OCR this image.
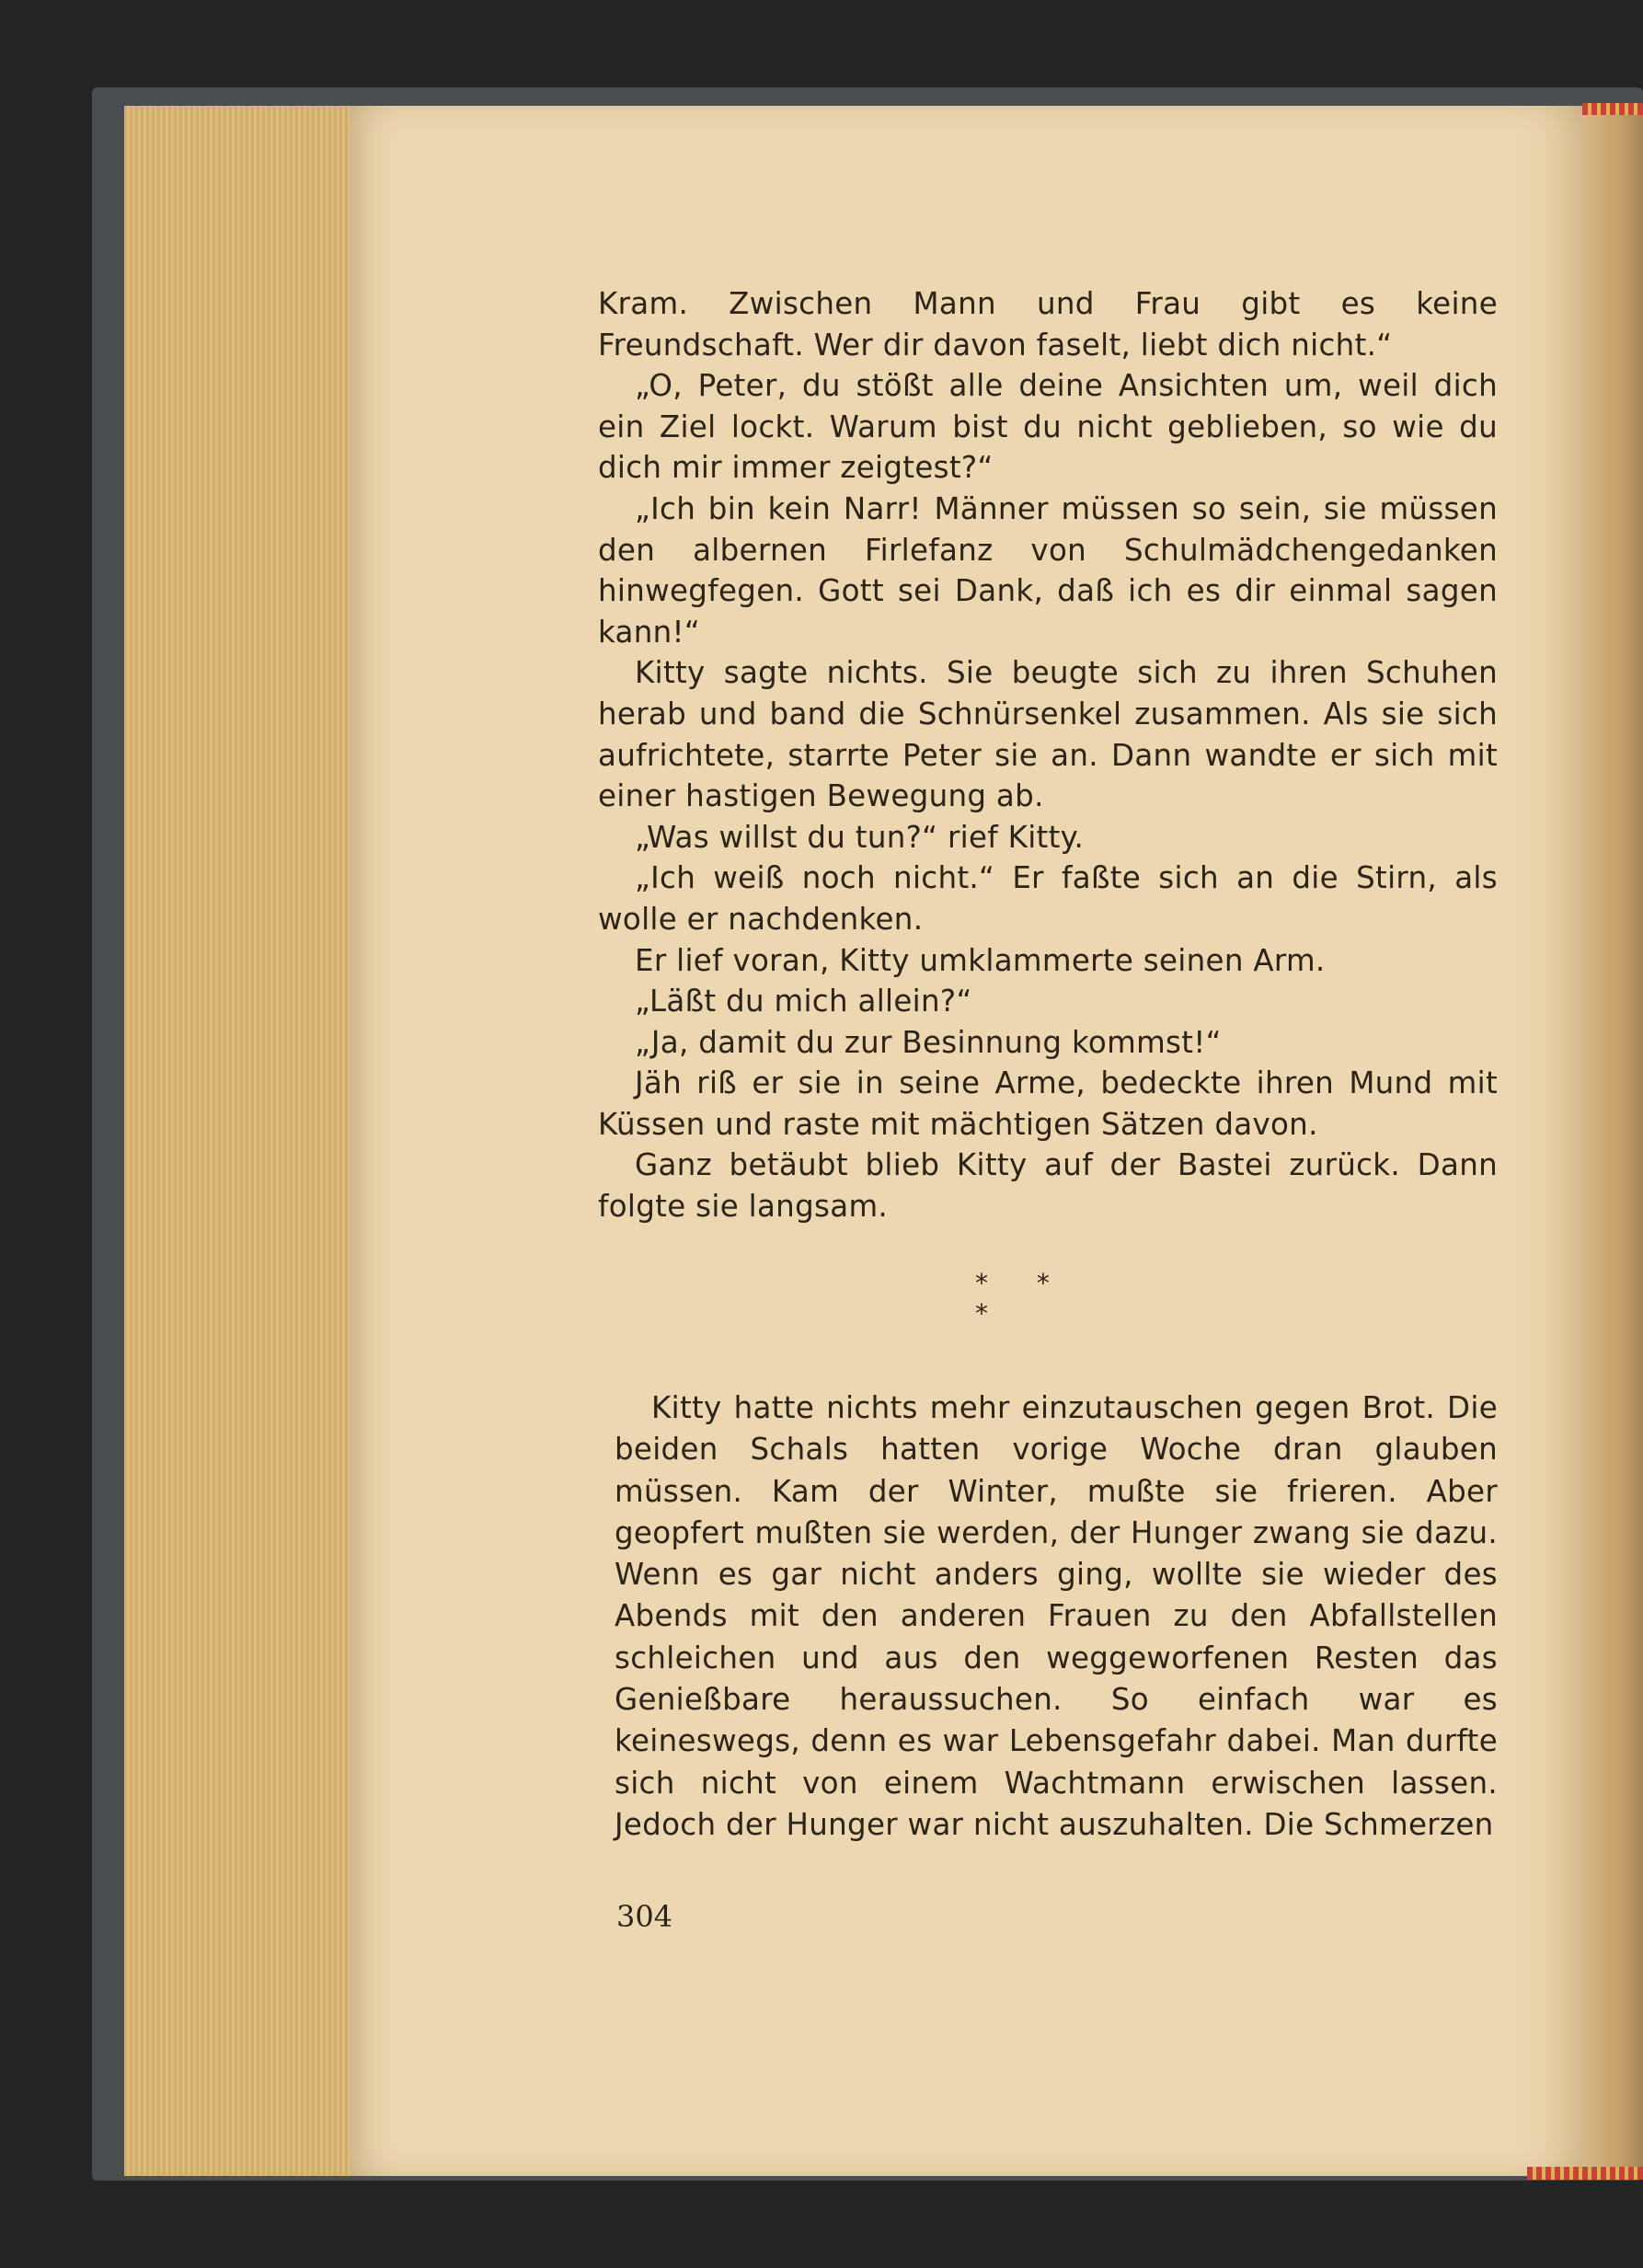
Kram. Zwischen Mann und Frau gibt es keine Freundschaft. Wer dir davon faselt, liebt dich nicht.“

„O, Peter, du stößt alle deine Ansichten um, weil dich ein Ziel lockt. Warum bist du nicht geblieben, so wie du dich mir immer zeigtest?“

„Ich bin kein Narr! Männer müssen so sein, sie müssen den albernen Firlefanz von Schulmädchengedanken hinwegfegen. Gott sei Dank, daß ich es dir einmal sagen kann!“

Kitty sagte nichts. Sie beugte sich zu ihren Schuhen herab und band die Schnürsenkel zusammen. Als sie sich aufrichtete, starrte Peter sie an. Dann wandte er sich mit einer hastigen Bewegung ab.

„Was willst du tun?“ rief Kitty.

„Ich weiß noch nicht.“ Er faßte sich an die Stirn, als wolle er nachdenken.

Er lief voran, Kitty umklammerte seinen Arm.

„Läßt du mich allein?“

„Ja, damit du zur Besinnung kommst!“

Jäh riß er sie in seine Arme, bedeckte ihren Mund mit Küssen und raste mit mächtigen Sätzen davon.

Ganz betäubt blieb Kitty auf der Bastei zurück. Dann folgte sie langsam.

* * *

Kitty hatte nichts mehr einzutauschen gegen Brot. Die beiden Schals hatten vorige Woche dran glauben müssen. Kam der Winter, mußte sie frieren. Aber geopfert mußten sie werden, der Hunger zwang sie dazu. Wenn es gar nicht anders ging, wollte sie wieder des Abends mit den anderen Frauen zu den Abfallstellen schleichen und aus den weggeworfenen Resten das Genießbare heraussuchen. So einfach war es keineswegs, denn es war Lebensgefahr dabei. Man durfte sich nicht von einem Wachtmann erwischen lassen. Jedoch der Hunger war nicht auszuhalten. Die Schmerzen

304
